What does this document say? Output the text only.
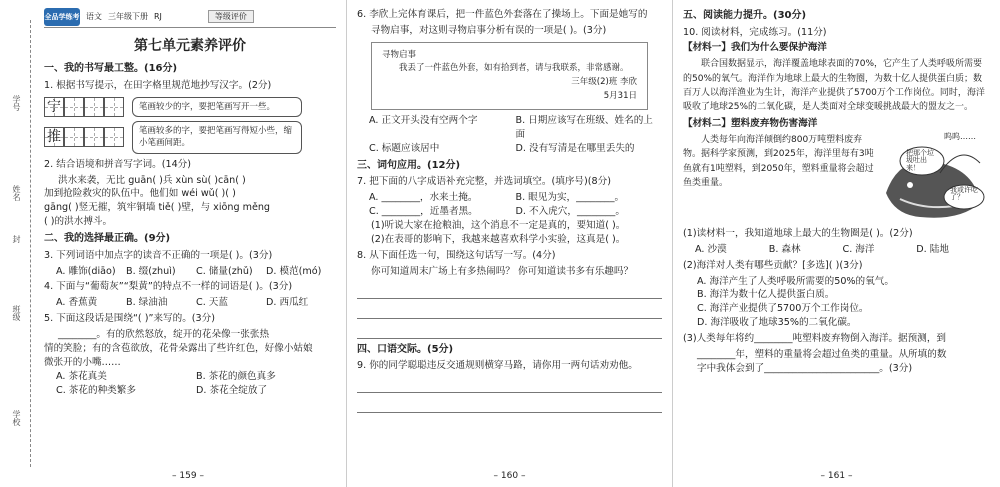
学号
姓名
封
班级
学校
全品学练考 语文 三年级下册 RJ	等级评价
第七单元素养评价
一、我的书写最工整。(16分)
1. 根据书写提示，在田字格里规范地抄写汉字。(2分)
宁	笔画较少的字，要把笔画写开一些。
推	笔画较多的字，要把笔画写得短小些，缩小笔画间距。
2. 结合语境和拼音写字词。(14分)
洪水来袭，无比 guān( )兵 xùn sù( )cān( )
加到抢险救灾的队伍中。他们如 wéi wǔ( )( )
gāng( )竖无摧，筑牢铜墙 tiě( )壁，与 xiōng měng
( )的洪水搏斗。
二、我的选择最正确。(9分)
3. 下列词语中加点字的读音不正确的一项是( )。(3分)
A. 雕饰(diāo)	B. 缀(zhuì)	C. 储量(zhǔ)	D. 模范(mó)
4. 下面与“葡萄灰”“梨黄”的特点不一样的词语是( )。(3分)
A. 香蕉黄	B. 绿油油	C. 天蓝	D. 西瓜红
5. 下面这段话是围绕“( )”来写的。(3分)
________。有的欣然怒放，绽开的花朵像一张张热
情的笑脸；有的含苞欲放，花骨朵露出了些许红色，好像小姑娘
微张开的小嘴……
A. 茶花真美	B. 茶花的颜色真多
C. 茶花的种类繁多	D. 茶花全绽放了
– 159 –
6. 李欣上完体育课后，把一件蓝色外套落在了操场上。下面是她写的
寻物启事，对这则寻物启事分析有误的一项是( )。(3分)
寻物启事
我丢了一件蓝色外套，如有拾到者，请与我联系，非常感谢。
三年级(2)班 李欣
5月31日
A. 正文开头没有空两个字	B. 日期应该写在班级、姓名的上面
C. 标题应该居中	D. 没有写清是在哪里丢失的
三、词句应用。(12分)
7. 把下面的八字成语补充完整，并选词填空。(填序号)(8分)
A. ________，水来土掩。	B. 眼见为实，________。
C. ________，近墨者黑。	D. 不入虎穴，________。
(1)听说大家在抢粮油，这个消息不一定是真的，要知道( )。
(2)在表哥的影响下，我越来越喜欢科学小实验，这真是( )。
8. 从下面任选一句，围绕这句话写一写。(4分)
你可知道周末广场上有多热闹吗？ 你可知道读书多有乐趣吗？
四、口语交际。(5分)
9. 你的同学聪聪违反交通规则横穿马路，请你用一两句话劝劝他。
– 160 –
五、阅读能力提升。(30分)
10. 阅读材料，完成练习。(11分)
【材料一】我们为什么要保护海洋
联合国数据显示，海洋覆盖地球表面的70%，它产生了人类呼吸所需要的50%的氧气。海洋作为地球上最大的生物圈，为数十亿人提供蛋白质；数百万人以海洋渔业为生计，海洋产业提供了5700万个工作岗位。同时，海洋吸收了地球25%的二氧化碳，是人类面对全球变暖挑战最大的盟友之一。
【材料二】塑料废弃物伤害海洋
人类每年向海洋倾倒约800万吨塑料废弃物。据科学家预测，到2025年，海洋里每有3吨鱼就有1吨塑料，到2050年，塑料重量将会超过鱼类重量。
呜呜……
把那个垃圾吐出来！
我或许吃了？
(1)读材料一，我知道地球上最大的生物圈是( )。(2分)
A. 沙漠	B. 森林	C. 海洋	D. 陆地
(2)海洋对人类有哪些贡献？[多选]( )(3分)
A. 海洋产生了人类呼吸所需要的50%的氧气。
B. 海洋为数十亿人提供蛋白质。
C. 海洋产业提供了5700万个工作岗位。
D. 海洋吸收了地球35%的二氧化碳。
(3)人类每年将约________吨塑料废弃物倒入海洋。据预测，到
________年，塑料的重量将会超过鱼类的重量。从所填的数
字中我体会到了________________________。(3分)
– 161 –
